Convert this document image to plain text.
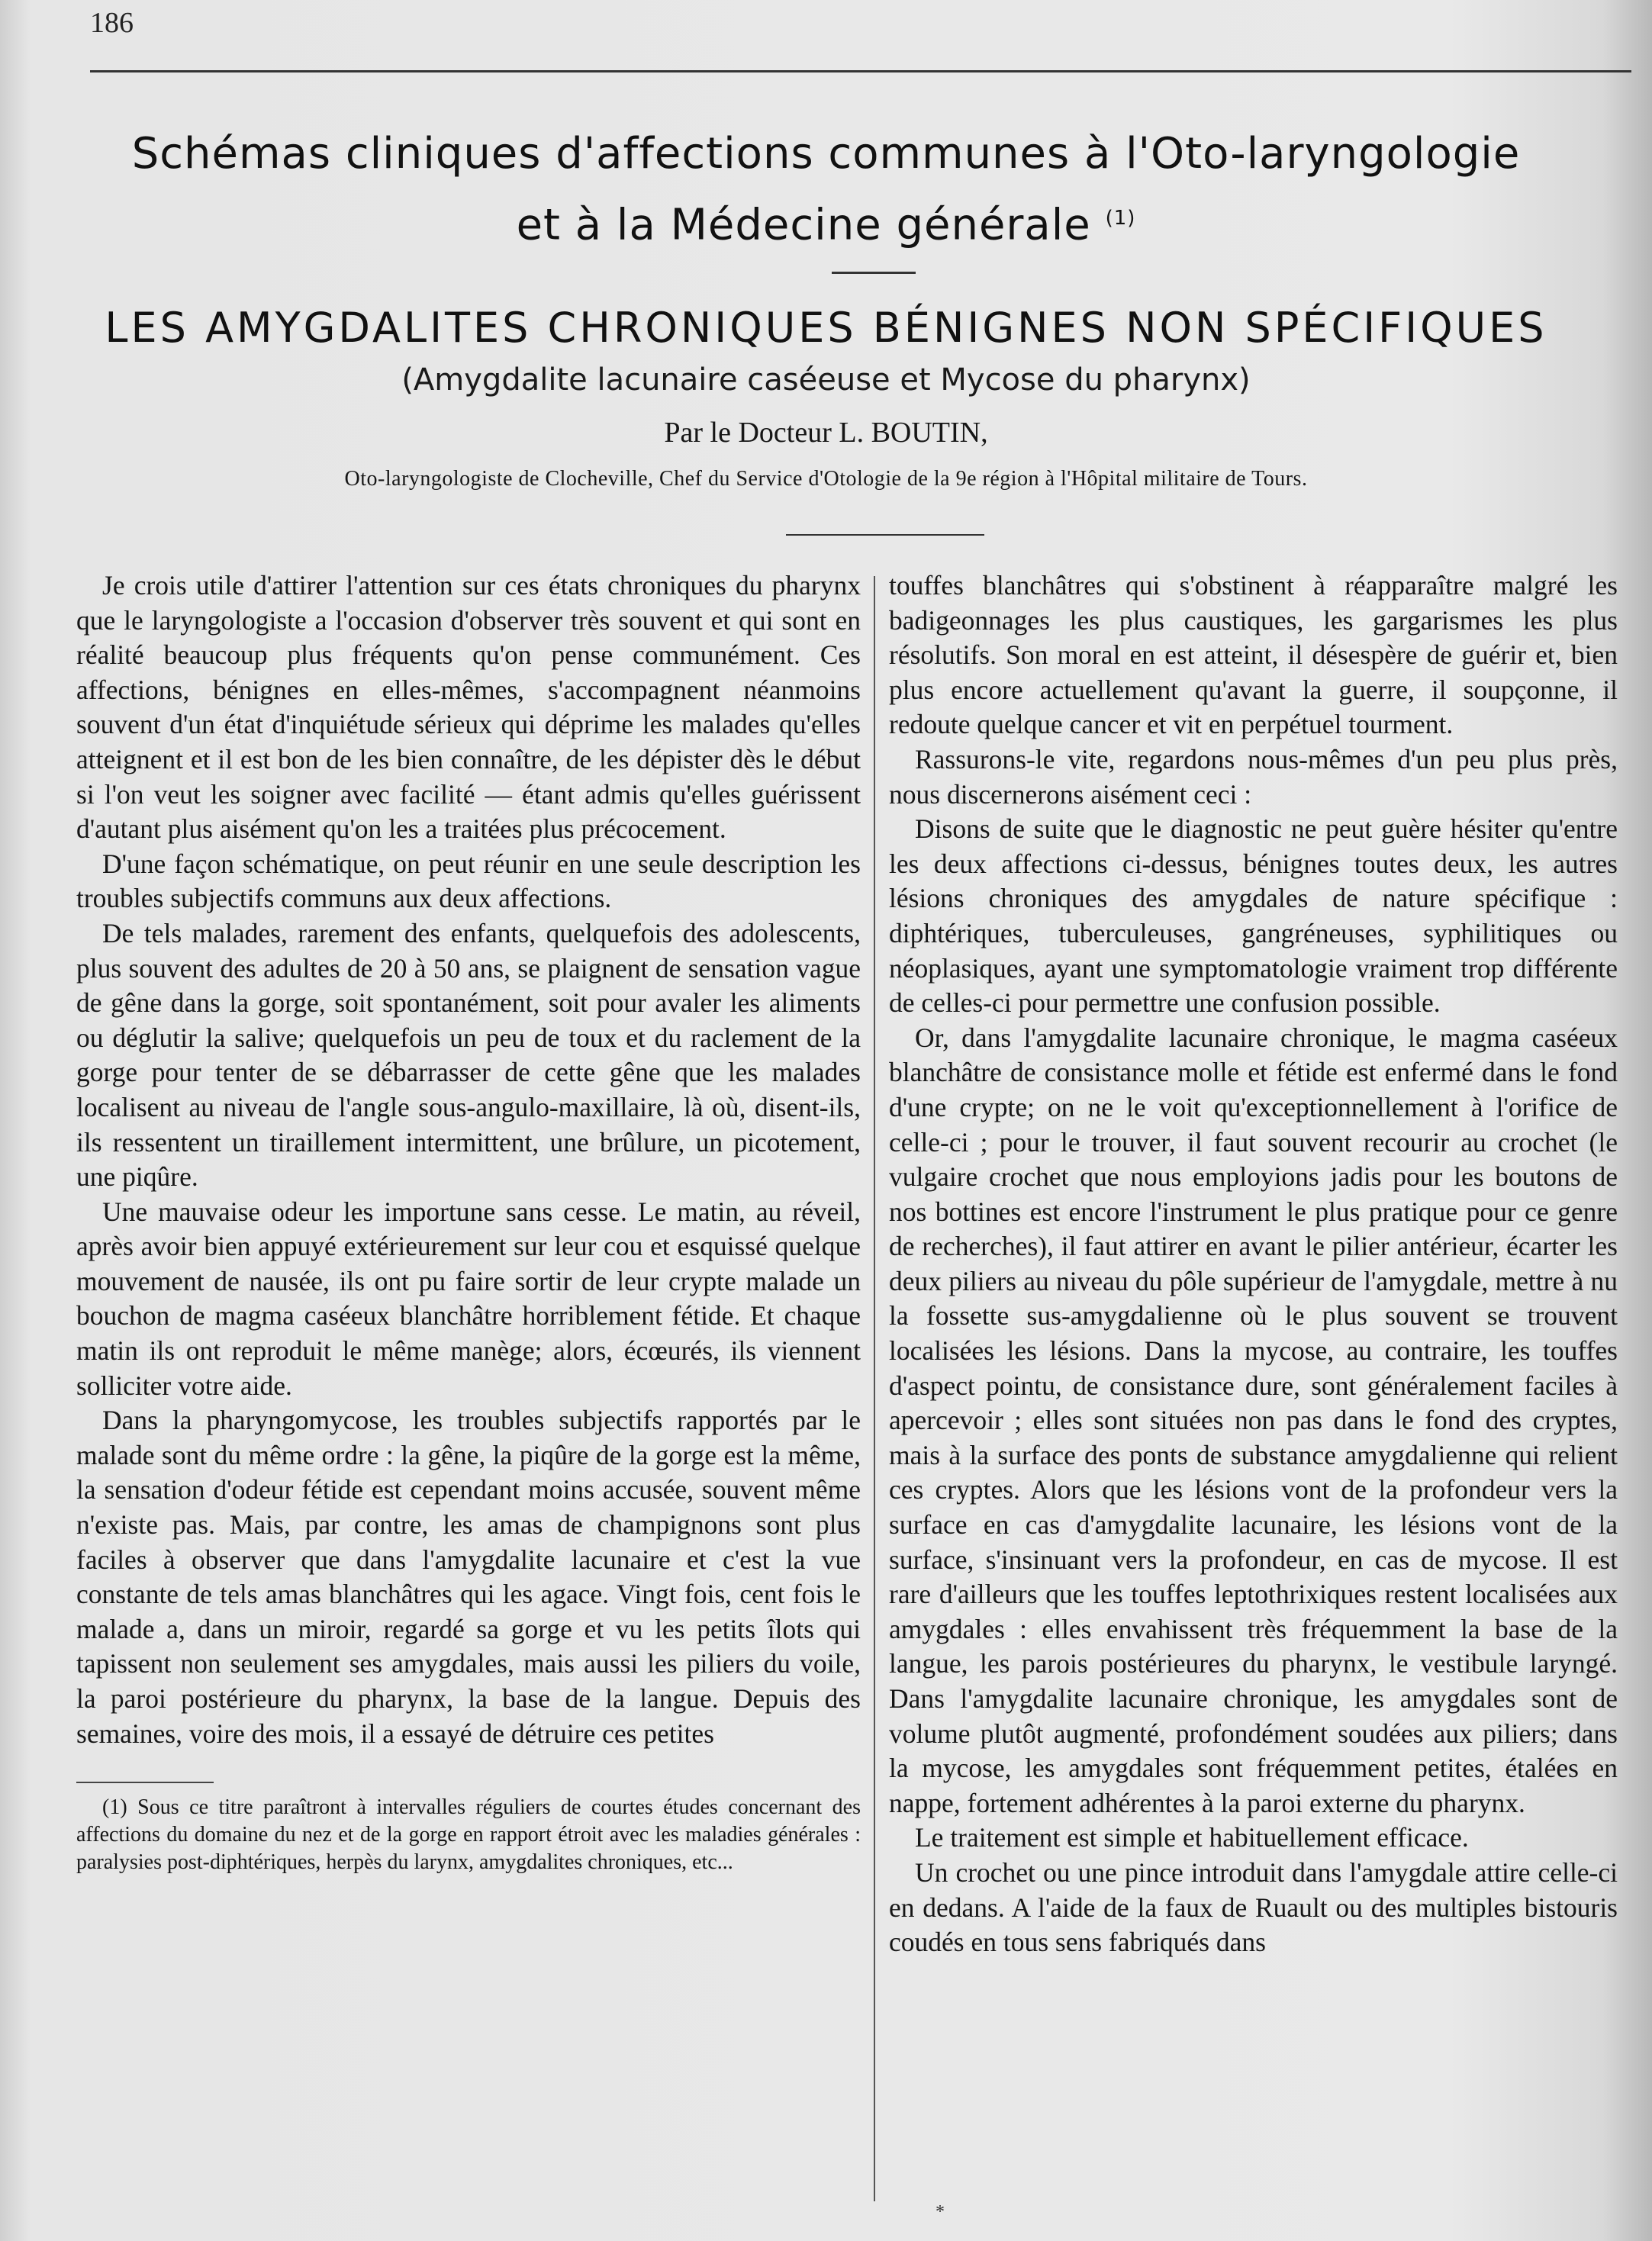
186
Schémas cliniques d'affections communes à l'Oto-laryngologie
et à la Médecine générale $^{(1)}$
LES AMYGDALITES CHRONIQUES BÉNIGNES NON SPÉCIFIQUES
(Amygdalite lacunaire caséeuse et Mycose du pharynx)
Par le Docteur L. BOUTIN,
Oto-laryngologiste de Clocheville, Chef du Service d'Otologie de la 9e région à l'Hôpital militaire de Tours.

Je crois utile d'attirer l'attention sur ces états chroniques du pharynx que le laryngologiste a l'occasion d'observer très souvent et qui sont en réalité beaucoup plus fréquents qu'on pense communément. Ces affections, bénignes en elles-mêmes, s'accompagnent néanmoins souvent d'un état d'inquiétude sérieux qui déprime les malades qu'elles atteignent et il est bon de les bien connaître, de les dépister dès le début si l'on veut les soigner avec facilité — étant admis qu'elles guérissent d'autant plus aisément qu'on les a traitées plus précocement.

D'une façon schématique, on peut réunir en une seule description les troubles subjectifs communs aux deux affections.

De tels malades, rarement des enfants, quelquefois des adolescents, plus souvent des adultes de 20 à 50 ans, se plaignent de sensation vague de gêne dans la gorge, soit spontanément, soit pour avaler les aliments ou déglutir la salive; quelquefois un peu de toux et du raclement de la gorge pour tenter de se débarrasser de cette gêne que les malades localisent au niveau de l'angle sous-angulo-maxillaire, là où, disent-ils, ils ressentent un tiraillement intermittent, une brûlure, un picotement, une piqûre.

Une mauvaise odeur les importune sans cesse. Le matin, au réveil, après avoir bien appuyé extérieurement sur leur cou et esquissé quelque mouvement de nausée, ils ont pu faire sortir de leur crypte malade un bouchon de magma caséeux blanchâtre horriblement fétide. Et chaque matin ils ont reproduit le même manège; alors, écœurés, ils viennent solliciter votre aide.

Dans la pharyngomycose, les troubles subjectifs rapportés par le malade sont du même ordre : la gêne, la piqûre de la gorge est la même, la sensation d'odeur fétide est cependant moins accusée, souvent même n'existe pas. Mais, par contre, les amas de champignons sont plus faciles à observer que dans l'amygdalite lacunaire et c'est la vue constante de tels amas blanchâtres qui les agace. Vingt fois, cent fois le malade a, dans un miroir, regardé sa gorge et vu les petits îlots qui tapissent non seulement ses amygdales, mais aussi les piliers du voile, la paroi postérieure du pharynx, la base de la langue. Depuis des semaines, voire des mois, il a essayé de détruire ces petites

(1) Sous ce titre paraîtront à intervalles réguliers de courtes études concernant des affections du domaine du nez et de la gorge en rapport étroit avec les maladies générales : paralysies post-diphtériques, herpès du larynx, amygdalites chroniques, etc...

touffes blanchâtres qui s'obstinent à réapparaître malgré les badigeonnages les plus caustiques, les gargarismes les plus résolutifs. Son moral en est atteint, il désespère de guérir et, bien plus encore actuellement qu'avant la guerre, il soupçonne, il redoute quelque cancer et vit en perpétuel tourment.

Rassurons-le vite, regardons nous-mêmes d'un peu plus près, nous discernerons aisément ceci :

Disons de suite que le diagnostic ne peut guère hésiter qu'entre les deux affections ci-dessus, bénignes toutes deux, les autres lésions chroniques des amygdales de nature spécifique : diphtériques, tuberculeuses, gangréneuses, syphilitiques ou néoplasiques, ayant une symptomatologie vraiment trop différente de celles-ci pour permettre une confusion possible.

Or, dans l'amygdalite lacunaire chronique, le magma caséeux blanchâtre de consistance molle et fétide est enfermé dans le fond d'une crypte; on ne le voit qu'exceptionnellement à l'orifice de celle-ci ; pour le trouver, il faut souvent recourir au crochet (le vulgaire crochet que nous employions jadis pour les boutons de nos bottines est encore l'instrument le plus pratique pour ce genre de recherches), il faut attirer en avant le pilier antérieur, écarter les deux piliers au niveau du pôle supérieur de l'amygdale, mettre à nu la fossette sus-amygdalienne où le plus souvent se trouvent localisées les lésions. Dans la mycose, au contraire, les touffes d'aspect pointu, de consistance dure, sont généralement faciles à apercevoir ; elles sont situées non pas dans le fond des cryptes, mais à la surface des ponts de substance amygdalienne qui relient ces cryptes. Alors que les lésions vont de la profondeur vers la surface en cas d'amygdalite lacunaire, les lésions vont de la surface, s'insinuant vers la profondeur, en cas de mycose. Il est rare d'ailleurs que les touffes leptothrixiques restent localisées aux amygdales : elles envahissent très fréquemment la base de la langue, les parois postérieures du pharynx, le vestibule laryngé. Dans l'amygdalite lacunaire chronique, les amygdales sont de volume plutôt augmenté, profondément soudées aux piliers; dans la mycose, les amygdales sont fréquemment petites, étalées en nappe, fortement adhérentes à la paroi externe du pharynx.

Le traitement est simple et habituellement efficace.

Un crochet ou une pince introduit dans l'amygdale attire celle-ci en dedans. A l'aide de la faux de Ruault ou des multiples bistouris coudés en tous sens fabriqués dans

*
